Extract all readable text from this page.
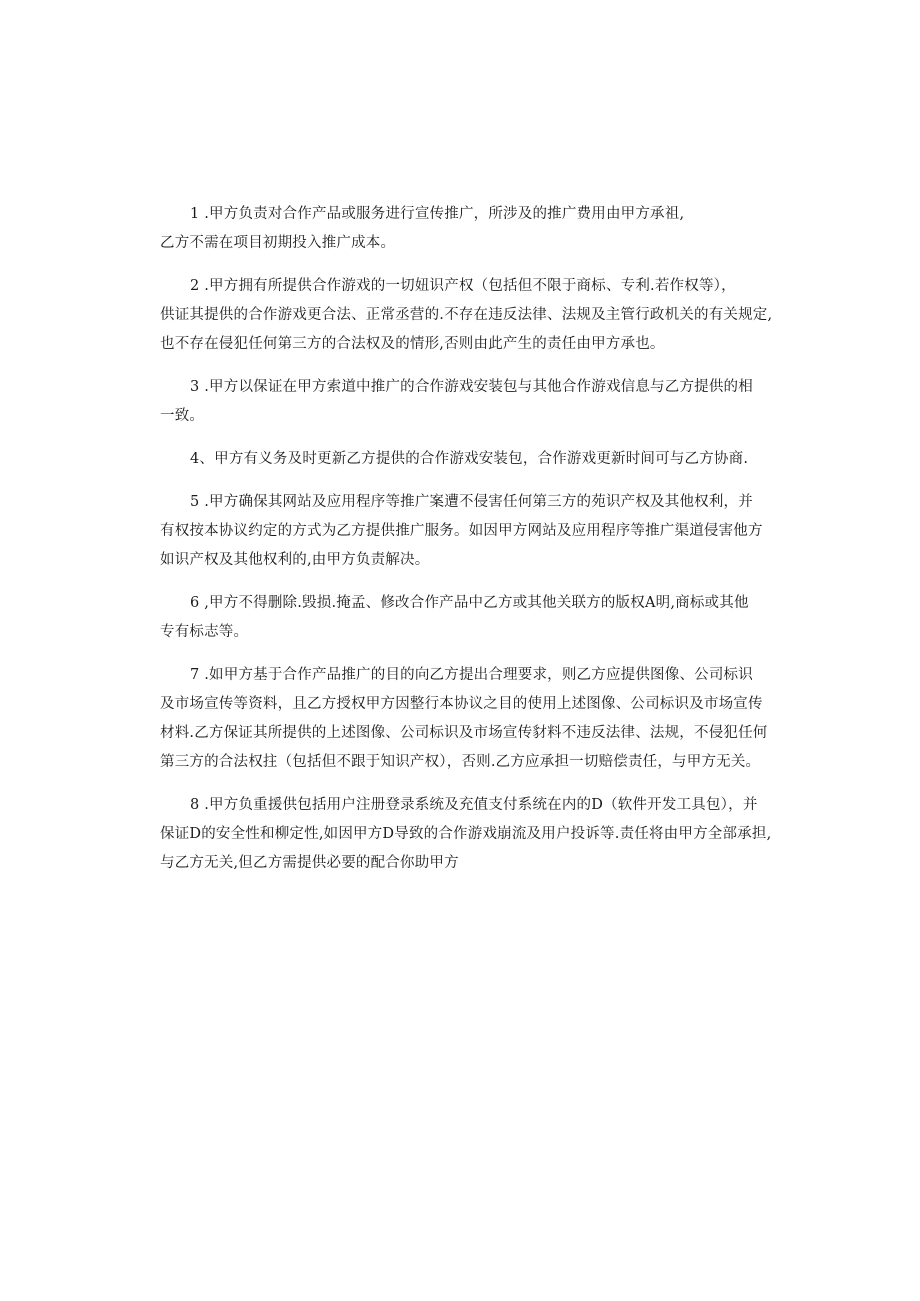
1 .甲方负责对合作产品或服务进行宣传推广，所涉及的推广费用由甲方承祖,
乙方不需在项目初期投入推广成本。
2 .甲方拥有所提供合作游戏的一切妞识产权（包括但不限于商标、专利.若作权等），
供证其提供的合作游戏更合法、正常丞营的.不存在违反法律、法规及主管行政机关的有关规定,
也不存在侵犯任何第三方的合法权及的情形,否则由此产生的责任由甲方承也。
3 .甲方以保证在甲方索道中推广的合作游戏安装包与其他合作游戏信息与乙方提供的相
一致。
4、甲方有义务及时更新乙方提供的合作游戏安装包，合作游戏更新时间可与乙方协商.
5 .甲方确保其网站及应用程序等推广案遭不侵害任何第三方的苑识产权及其他权利，并
有权按本协议约定的方式为乙方提供推广服务。如因甲方网站及应用程序等推广渠道侵害他方
如识产权及其他权利的,由甲方负责解决。
6 ,甲方不得删除.毁损.掩孟、修改合作产品中乙方或其他关联方的版权A明,商标或其他
专有标志等。
7 .如甲方基于合作产品推广的目的向乙方提出合理要求，则乙方应提供图像、公司标识
及市场宣传等资料，且乙方授权甲方因整行本协议之目的使用上述图像、公司标识及市场宣传
材料.乙方保证其所提供的上述图像、公司标识及市场宣传豺料不违反法律、法规，不侵犯任何
第三方的合法权拄（包括但不跟于知识产权），否则.乙方应承担一切赔偿责任，与甲方无关。
8 .甲方负重援供包括用户注册登录系统及充值支付系统在内的D（软件开发工具包），并
保证D的安全性和柳定性,如因甲方D导致的合作游戏崩流及用户投诉等.责任将由甲方全部承担,
与乙方无关,但乙方需提供必要的配合你助甲方
